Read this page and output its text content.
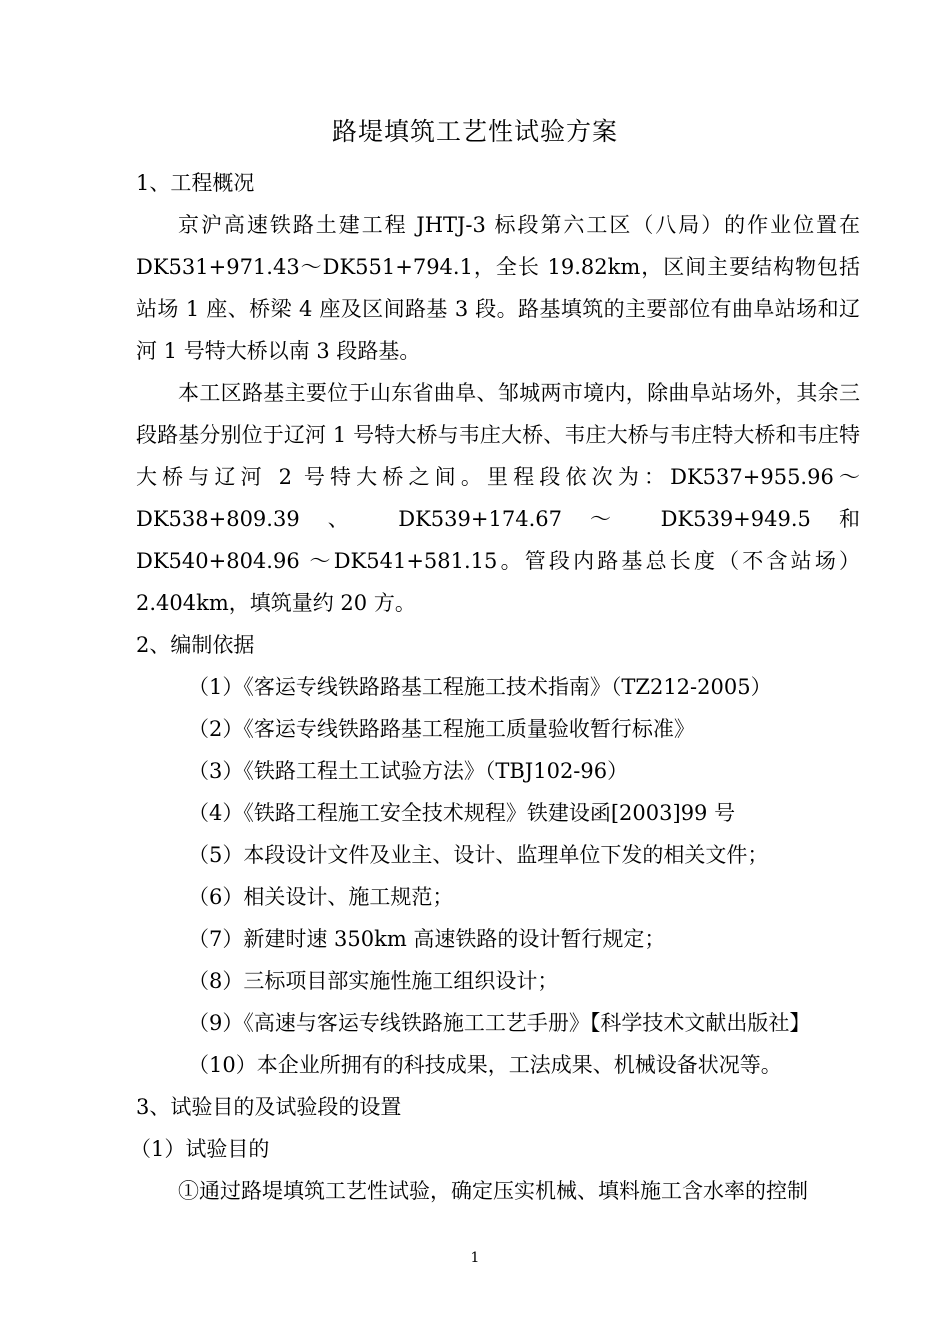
路堤填筑工艺性试验方案

1、工程概况

京沪高速铁路土建工程 JHTJ-3 标段第六工区（八局）的作业位置在DK531+971.43～DK551+794.1，全长 19.82km，区间主要结构物包括站场 1 座、桥梁 4 座及区间路基 3 段。路基填筑的主要部位有曲阜站场和辽河 1 号特大桥以南 3 段路基。

本工区路基主要位于山东省曲阜、邹城两市境内，除曲阜站场外，其余三段路基分别位于辽河 1 号特大桥与韦庄大桥、韦庄大桥与韦庄特大桥和韦庄特大桥与辽河 2 号特大桥之间。里程段依次为：DK537+955.96～DK538+809.39 、 DK539+174.67 ～ DK539+949.5 和 DK540+804.96 ～DK541+581.15。管段内路基总长度（不含站场）2.404km，填筑量约 20 方。

2、编制依据

（1）《客运专线铁路路基工程施工技术指南》（TZ212-2005）

（2）《客运专线铁路路基工程施工质量验收暂行标准》

（3）《铁路工程土工试验方法》（TBJ102-96）

（4）《铁路工程施工安全技术规程》铁建设函[2003]99 号

（5）本段设计文件及业主、设计、监理单位下发的相关文件；

（6）相关设计、施工规范；

（7）新建时速 350km 高速铁路的设计暂行规定；

（8）三标项目部实施性施工组织设计；

（9）《高速与客运专线铁路施工工艺手册》【科学技术文献出版社】

（10）本企业所拥有的科技成果，工法成果、机械设备状况等。

3、试验目的及试验段的设置

（1）试验目的

①通过路堤填筑工艺性试验，确定压实机械、填料施工含水率的控制

1
